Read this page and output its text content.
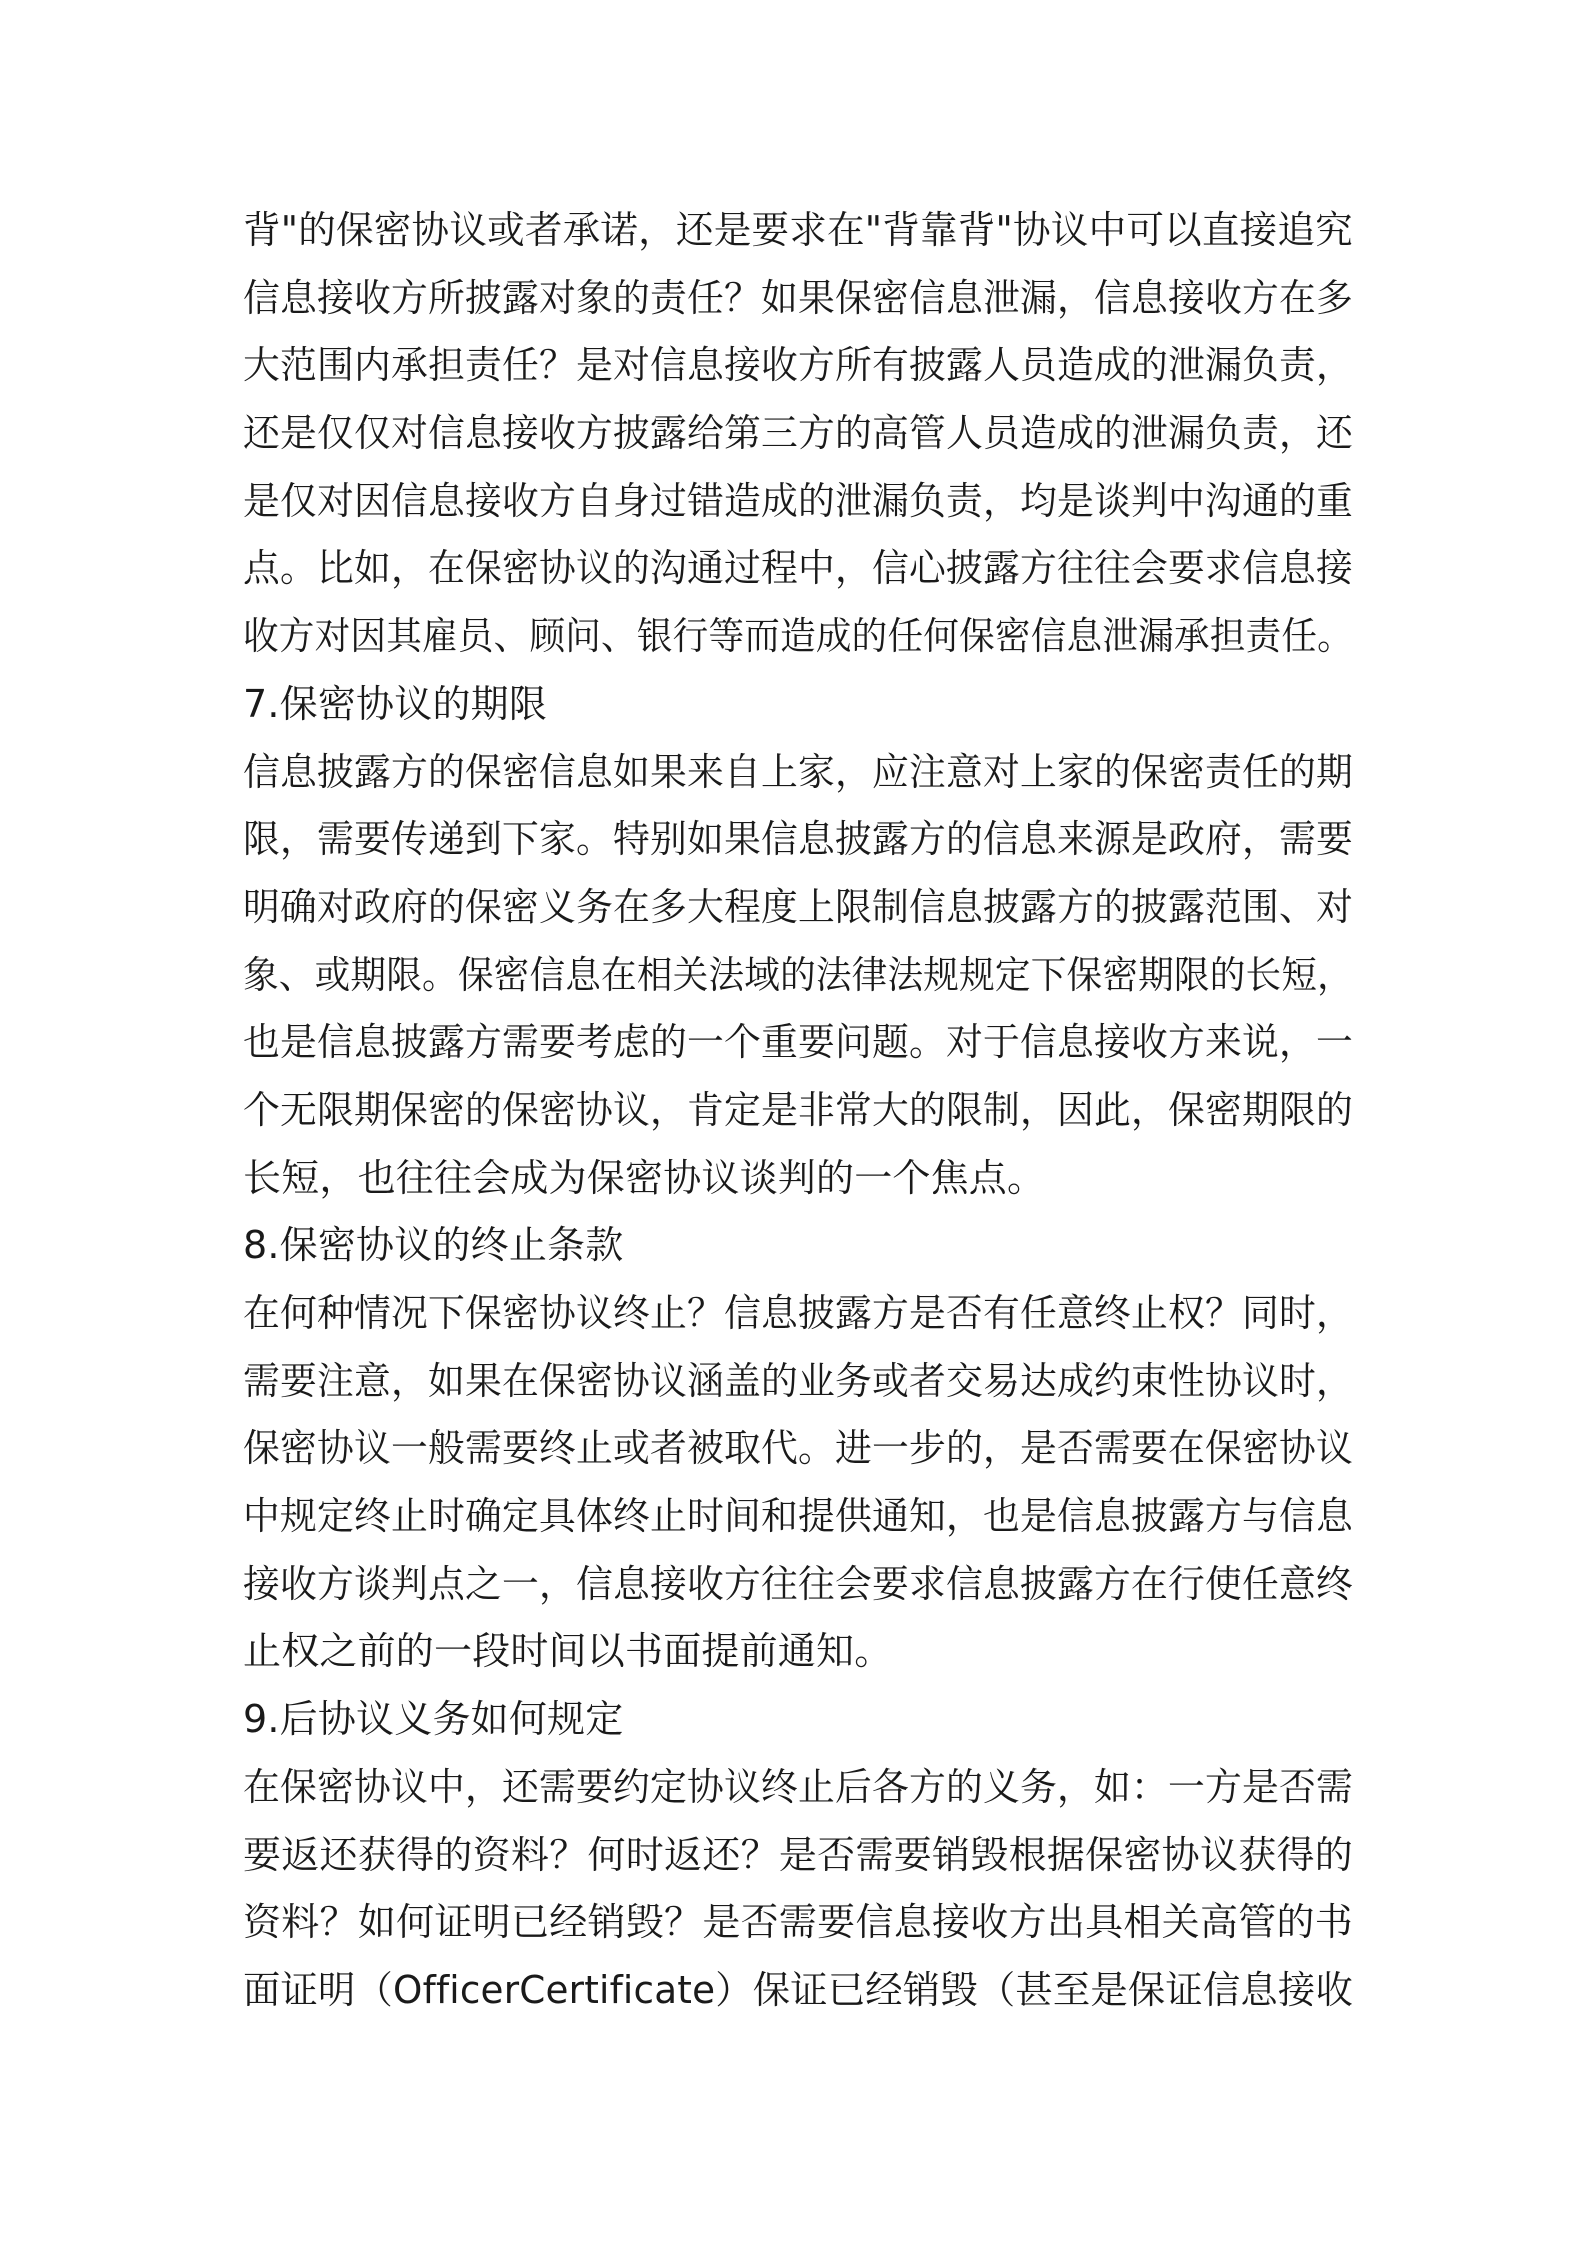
背"的保密协议或者承诺，还是要求在"背靠背"协议中可以直接追究
信息接收方所披露对象的责任？如果保密信息泄漏，信息接收方在多
大范围内承担责任？是对信息接收方所有披露人员造成的泄漏负责，
还是仅仅对信息接收方披露给第三方的高管人员造成的泄漏负责，还
是仅对因信息接收方自身过错造成的泄漏负责，均是谈判中沟通的重
点。比如，在保密协议的沟通过程中，信心披露方往往会要求信息接
收方对因其雇员、顾问、银行等而造成的任何保密信息泄漏承担责任。
7.保密协议的期限
信息披露方的保密信息如果来自上家，应注意对上家的保密责任的期
限，需要传递到下家。特别如果信息披露方的信息来源是政府，需要
明确对政府的保密义务在多大程度上限制信息披露方的披露范围、对
象、或期限。保密信息在相关法域的法律法规规定下保密期限的长短，
也是信息披露方需要考虑的一个重要问题。对于信息接收方来说，一
个无限期保密的保密协议，肯定是非常大的限制，因此，保密期限的
长短，也往往会成为保密协议谈判的一个焦点。
8.保密协议的终止条款
在何种情况下保密协议终止？信息披露方是否有任意终止权？同时，
需要注意，如果在保密协议涵盖的业务或者交易达成约束性协议时，
保密协议一般需要终止或者被取代。进一步的，是否需要在保密协议
中规定终止时确定具体终止时间和提供通知，也是信息披露方与信息
接收方谈判点之一，信息接收方往往会要求信息披露方在行使任意终
止权之前的一段时间以书面提前通知。
9.后协议义务如何规定
在保密协议中，还需要约定协议终止后各方的义务，如：一方是否需
要返还获得的资料？何时返还？是否需要销毁根据保密协议获得的
资料？如何证明已经销毁？是否需要信息接收方出具相关高管的书
面证明（OfficerCertificate）保证已经销毁（甚至是保证信息接收
